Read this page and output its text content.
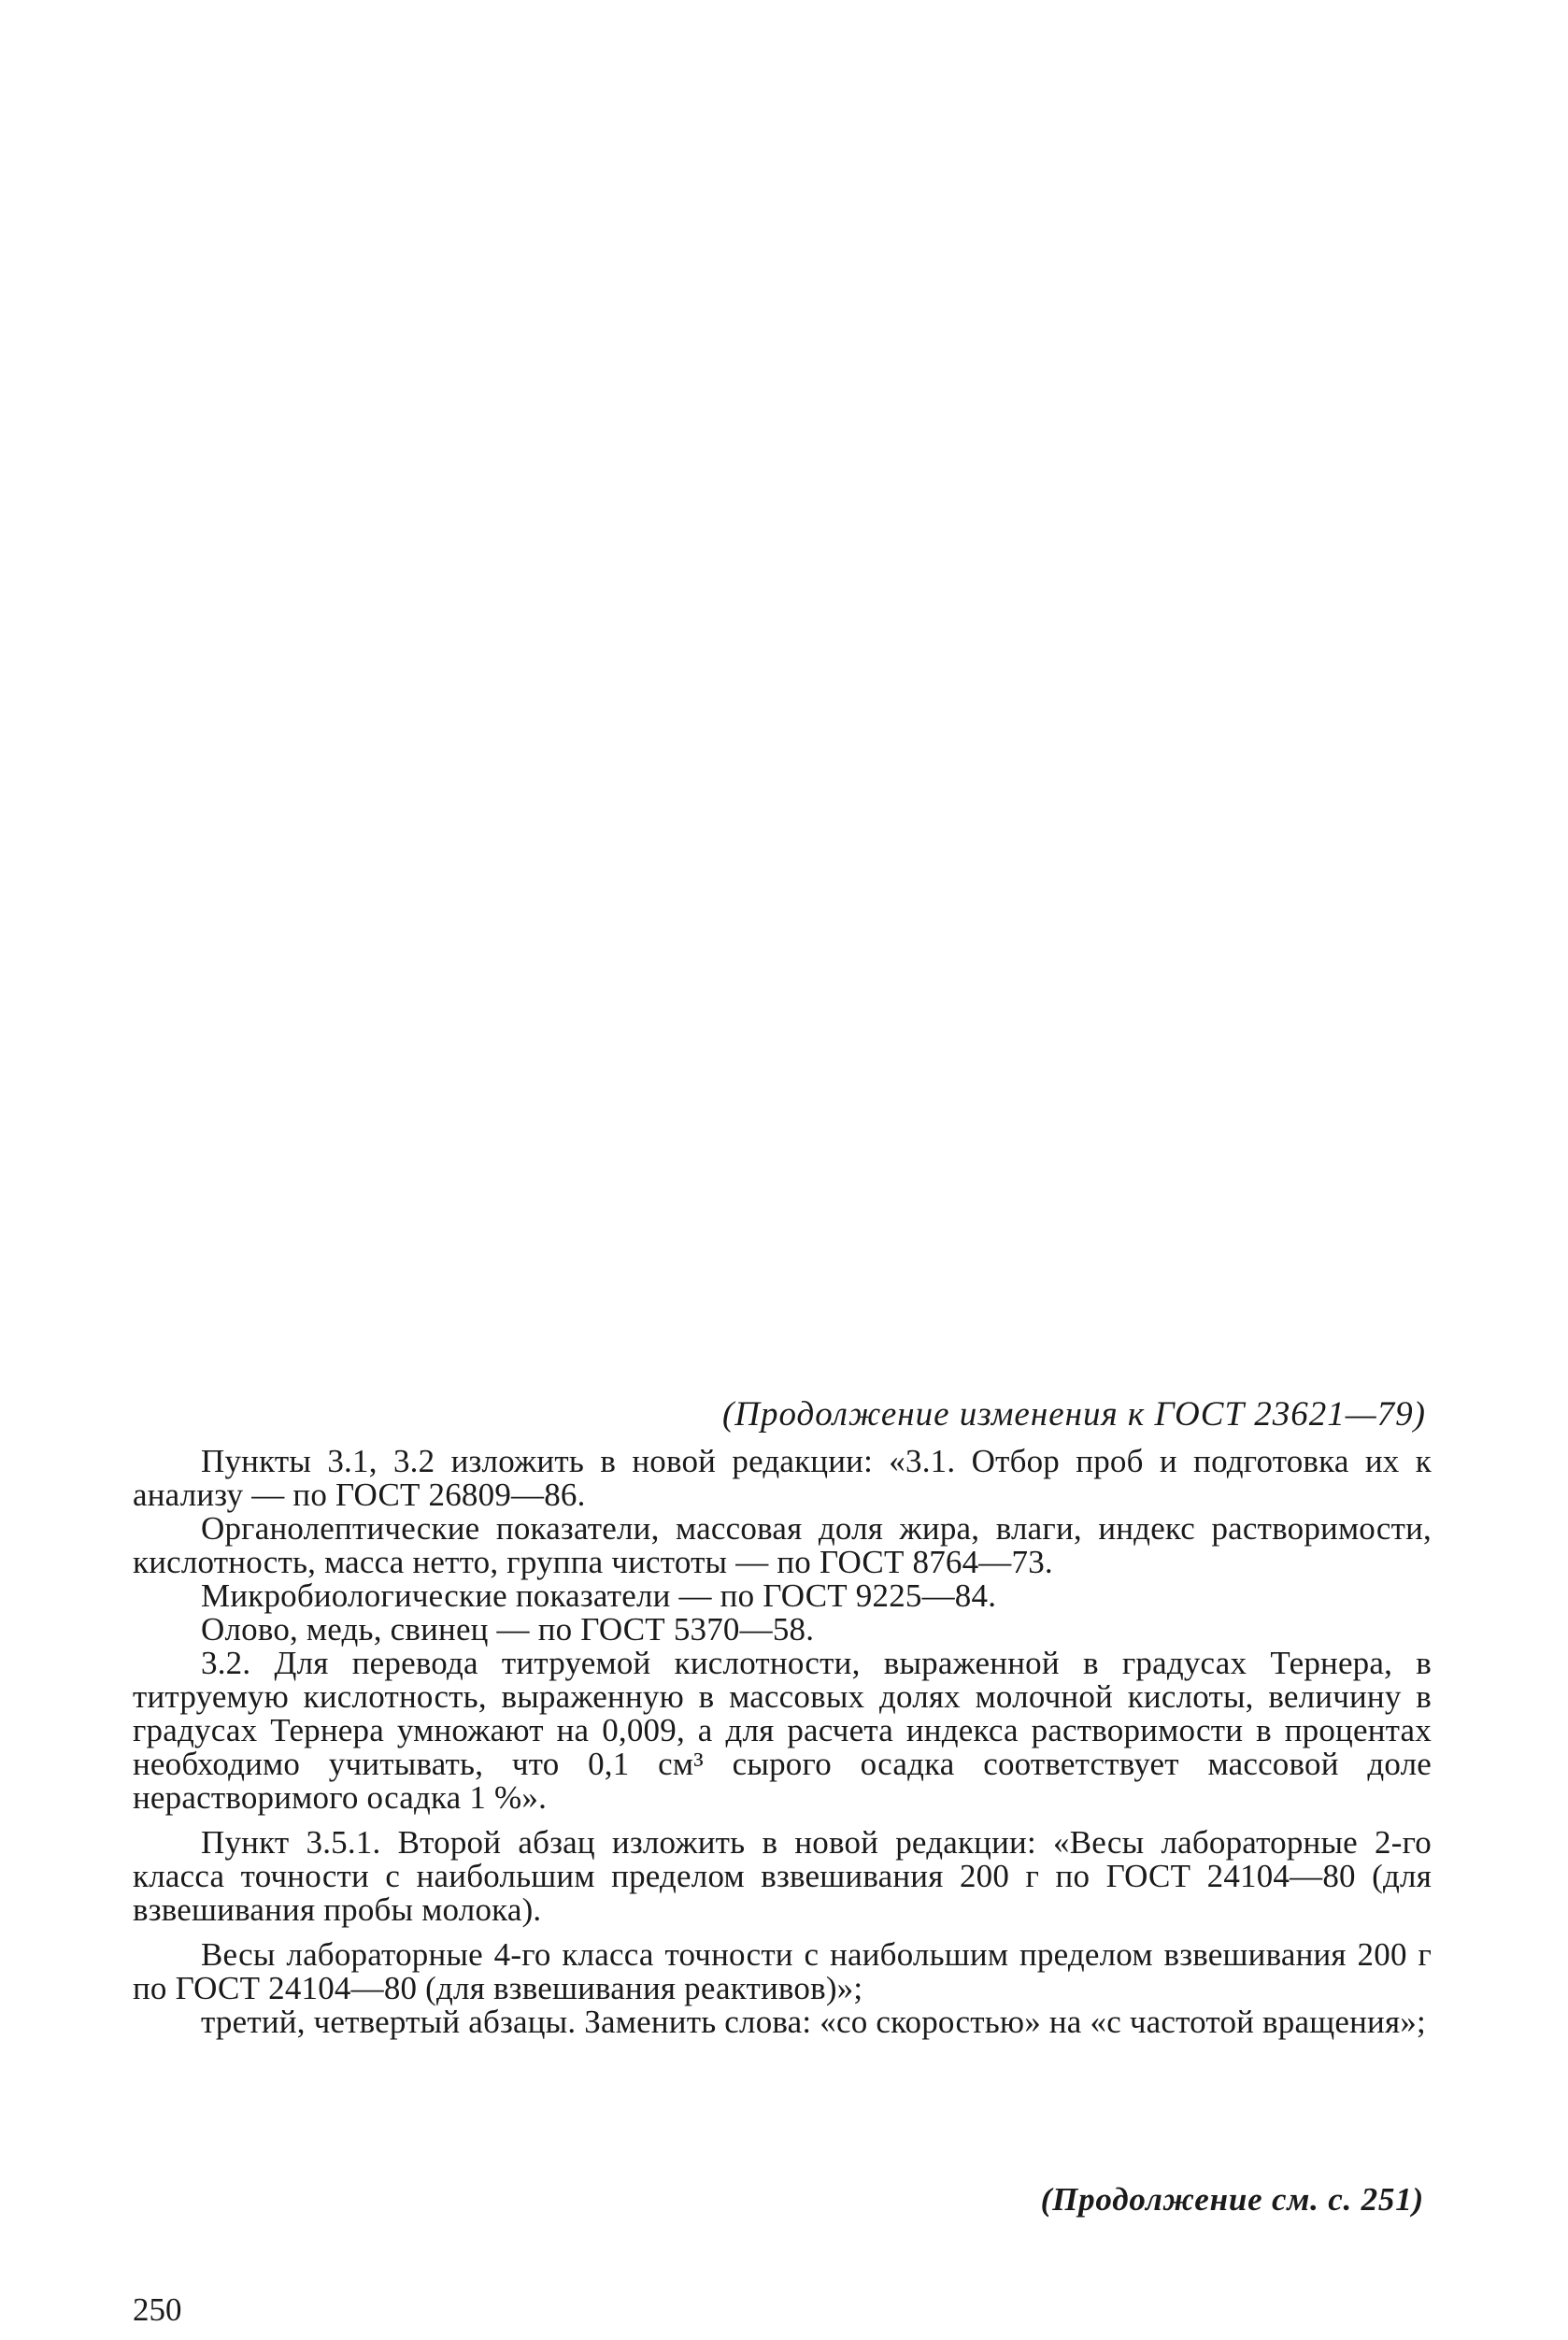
(Продолжение изменения к ГОСТ 23621—79)

Пункты 3.1, 3.2 изложить в новой редакции: «3.1. Отбор проб и подготовка их к анализу — по ГОСТ 26809—86.

Органолептические показатели, массовая доля жира, влаги, индекс растворимости, кислотность, масса нетто, группа чистоты — по ГОСТ 8764—73.

Микробиологические показатели — по ГОСТ 9225—84.

Олово, медь, свинец — по ГОСТ 5370—58.

3.2. Для перевода титруемой кислотности, выраженной в градусах Тернера, в титруемую кислотность, выраженную в массовых долях молочной кислоты, величину в градусах Тернера умножают на 0,009, а для расчета индекса растворимости в процентах необходимо учитывать, что 0,1 см³ сырого осадка соответствует массовой доле нерастворимого осадка 1 %».

Пункт 3.5.1. Второй абзац изложить в новой редакции: «Весы лабораторные 2-го класса точности с наибольшим пределом взвешивания 200 г по ГОСТ 24104—80 (для взвешивания пробы молока).

Весы лабораторные 4-го класса точности с наибольшим пределом взвешивания 200 г по ГОСТ 24104—80 (для взвешивания реактивов)»;

третий, четвертый абзацы. Заменить слова: «со скоростью» на «с частотой вращения»;

(Продолжение см. с. 251)
250
